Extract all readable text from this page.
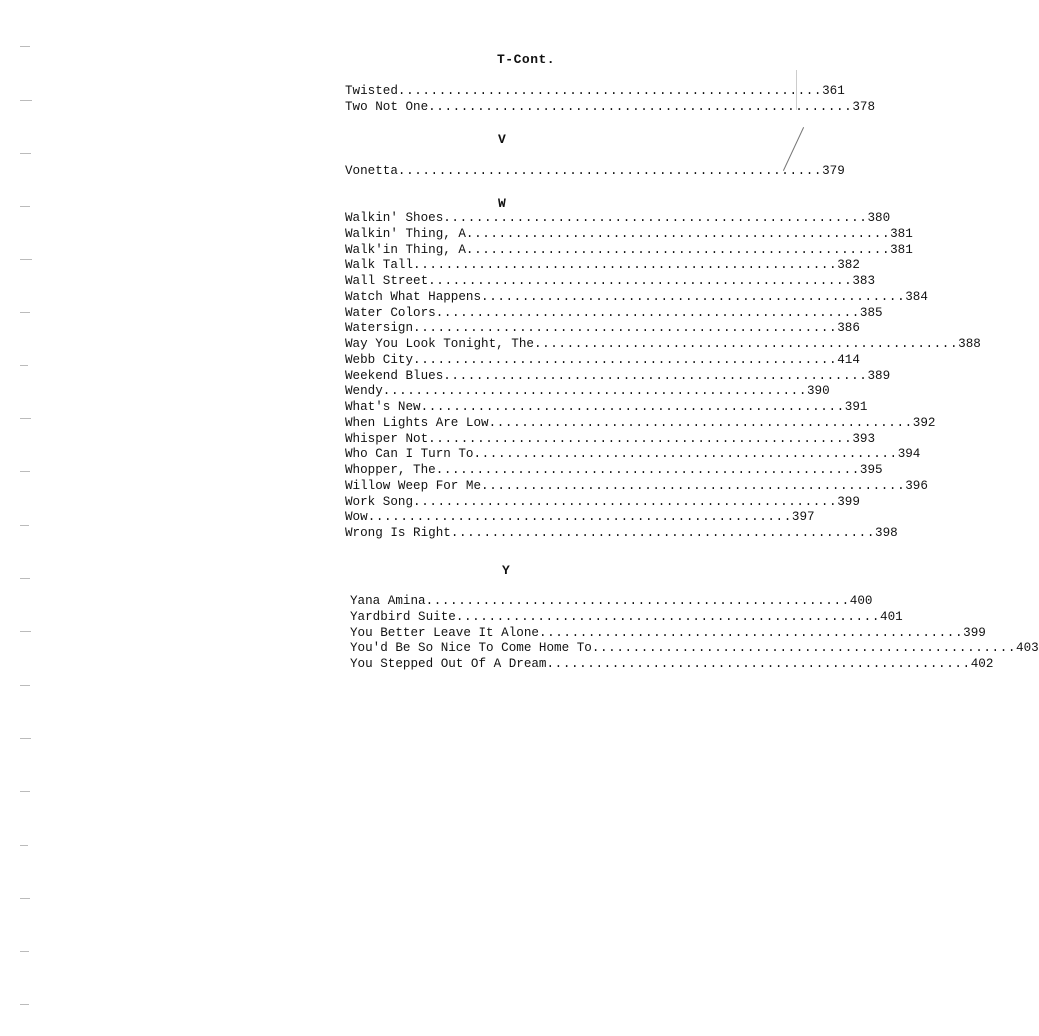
T-Cont.
Twisted .................................................... 361
Two Not One .................................................... 378
V
Vonetta .................................................... 379
W
Walkin' Shoes .................................................... 380
Walkin' Thing, A .................................................... 381
Walk'in Thing, A .................................................... 381
Walk Tall .................................................... 382
Wall Street .................................................... 383
Watch What Happens .................................................... 384
Water Colors .................................................... 385
Watersign .................................................... 386
Way You Look Tonight, The .................................................... 388
Webb City .................................................... 414
Weekend Blues .................................................... 389
Wendy .................................................... 390
What's New .................................................... 391
When Lights Are Low .................................................... 392
Whisper Not .................................................... 393
Who Can I Turn To .................................................... 394
Whopper, The .................................................... 395
Willow Weep For Me .................................................... 396
Work Song .................................................... 399
Wow .................................................... 397
Wrong Is Right .................................................... 398
Y
Yana Amina .................................................... 400
Yardbird Suite .................................................... 401
You Better Leave It Alone .................................................... 399
You'd Be So Nice To Come Home To .................................................... 403
You Stepped Out Of A Dream .................................................... 402
